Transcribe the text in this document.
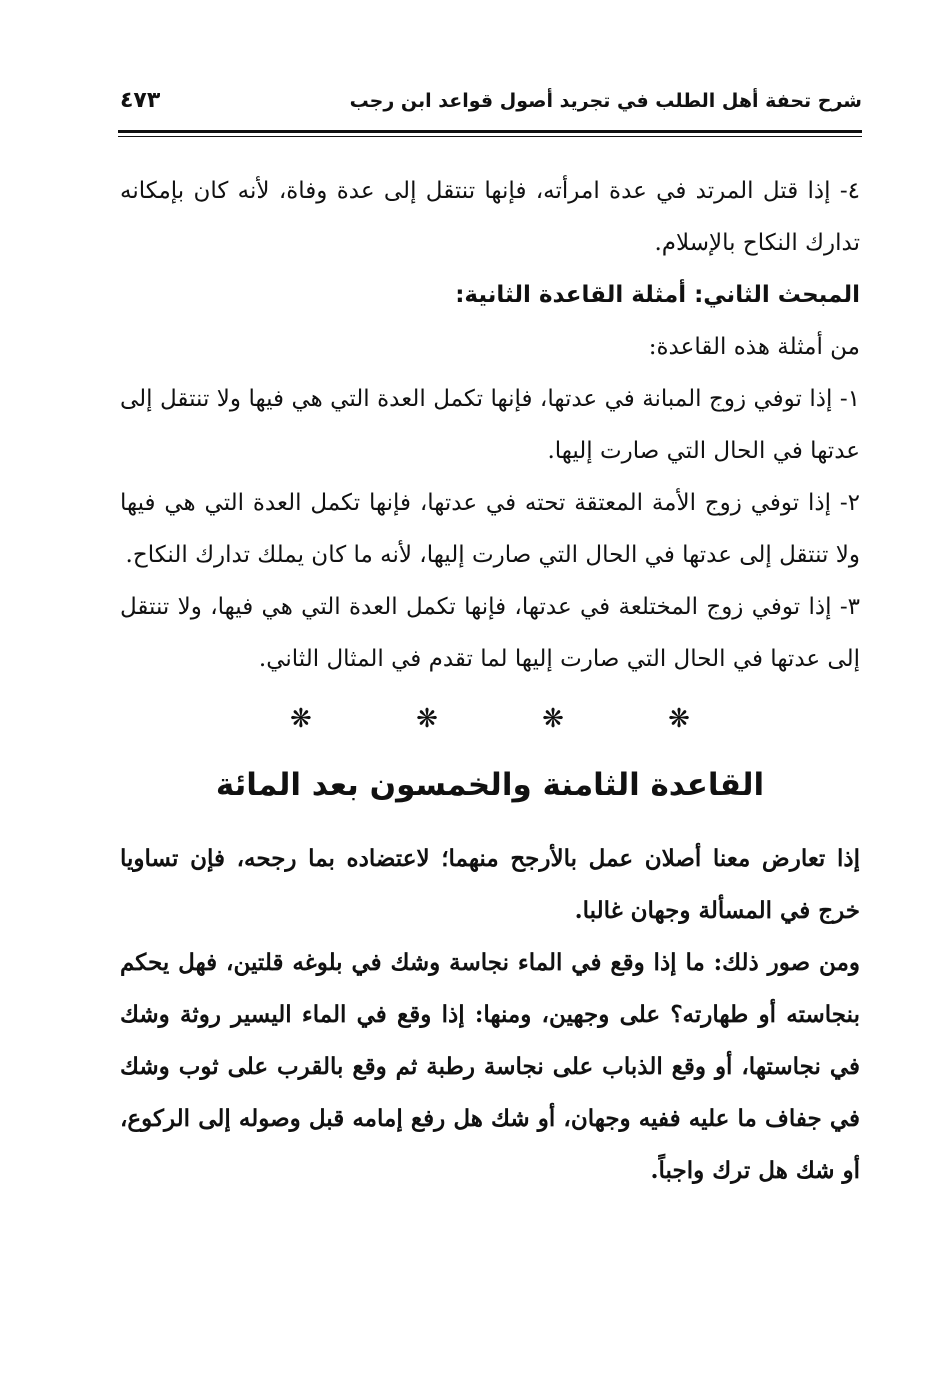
شرح تحفة أهل الطلب في تجريد أصول قواعد ابن رجب
٤٧٣

٤- إذا قتل المرتد في عدة امرأته، فإنها تنتقل إلى عدة وفاة، لأنه كان بإمكانه تدارك النكاح بالإسلام.

المبحث الثاني: أمثلة القاعدة الثانية:

من أمثلة هذه القاعدة:

١- إذا توفي زوج المبانة في عدتها، فإنها تكمل العدة التي هي فيها ولا تنتقل إلى عدتها في الحال التي صارت إليها.

٢- إذا توفي زوج الأمة المعتقة تحته في عدتها، فإنها تكمل العدة التي هي فيها ولا تنتقل إلى عدتها في الحال التي صارت إليها، لأنه ما كان يملك تدارك النكاح.

٣- إذا توفي زوج المختلعة في عدتها، فإنها تكمل العدة التي هي فيها، ولا تنتقل إلى عدتها في الحال التي صارت إليها لما تقدم في المثال الثاني.

❋ ❋ ❋ ❋
القاعدة الثامنة والخمسون بعد المائة

إذا تعارض معنا أصلان عمل بالأرجح منهما؛ لاعتضاده بما رجحه، فإن تساويا خرج في المسألة وجهان غالبا.

ومن صور ذلك: ما إذا وقع في الماء نجاسة وشك في بلوغه قلتين، فهل يحكم بنجاسته أو طهارته؟ على وجهين، ومنها: إذا وقع في الماء اليسير روثة وشك في نجاستها، أو وقع الذباب على نجاسة رطبة ثم وقع بالقرب على ثوب وشك في جفاف ما عليه ففيه وجهان، أو شك هل رفع إمامه قبل وصوله إلى الركوع، أو شك هل ترك واجباً.
